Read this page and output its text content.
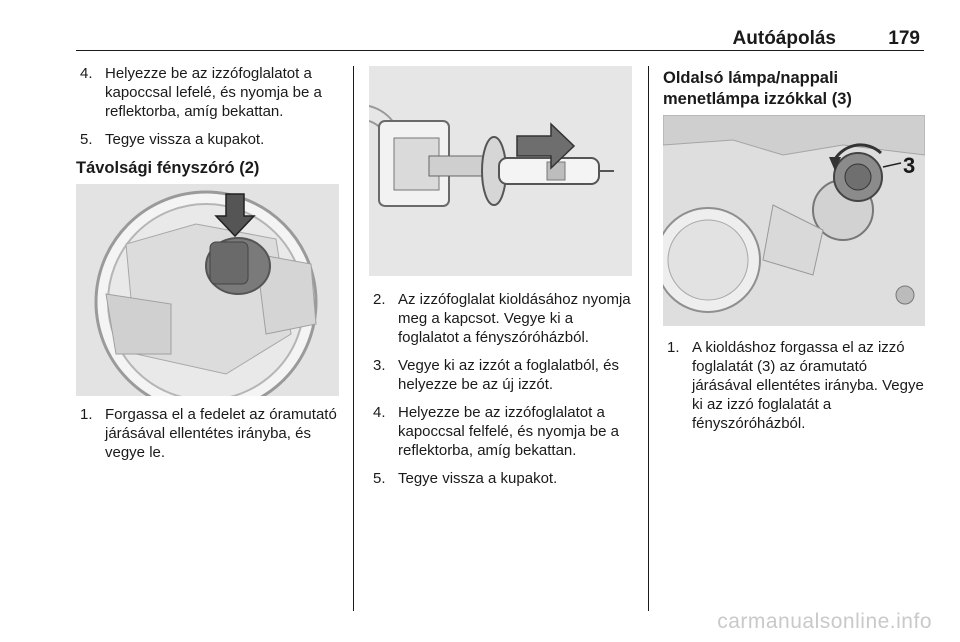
Autóápolás	179
4. Helyezze be az izzófoglalatot a kapoccsal lefelé, és nyomja be a reflektorba, amíg bekattan.
5. Tegye vissza a kupakot.
Távolsági fényszóró (2)
1. Forgassa el a fedelet az óramutató járásával ellentétes irányba, és vegye le.
2. Az izzófoglalat kioldásához nyomja meg a kapcsot. Vegye ki a foglalatot a fényszóróházból.
3. Vegye ki az izzót a foglalatból, és helyezze be az új izzót.
4. Helyezze be az izzófoglalatot a kapoccsal felfelé, és nyomja be a reflektorba, amíg bekattan.
5. Tegye vissza a kupakot.
Oldalsó lámpa/nappali menetlámpa izzókkal (3)
3
1. A kioldáshoz forgassa el az izzó foglalatát (3) az óramutató járásával ellentétes irányba. Vegye ki az izzó foglalatát a fényszóróházból.
carmanualsonline.info
